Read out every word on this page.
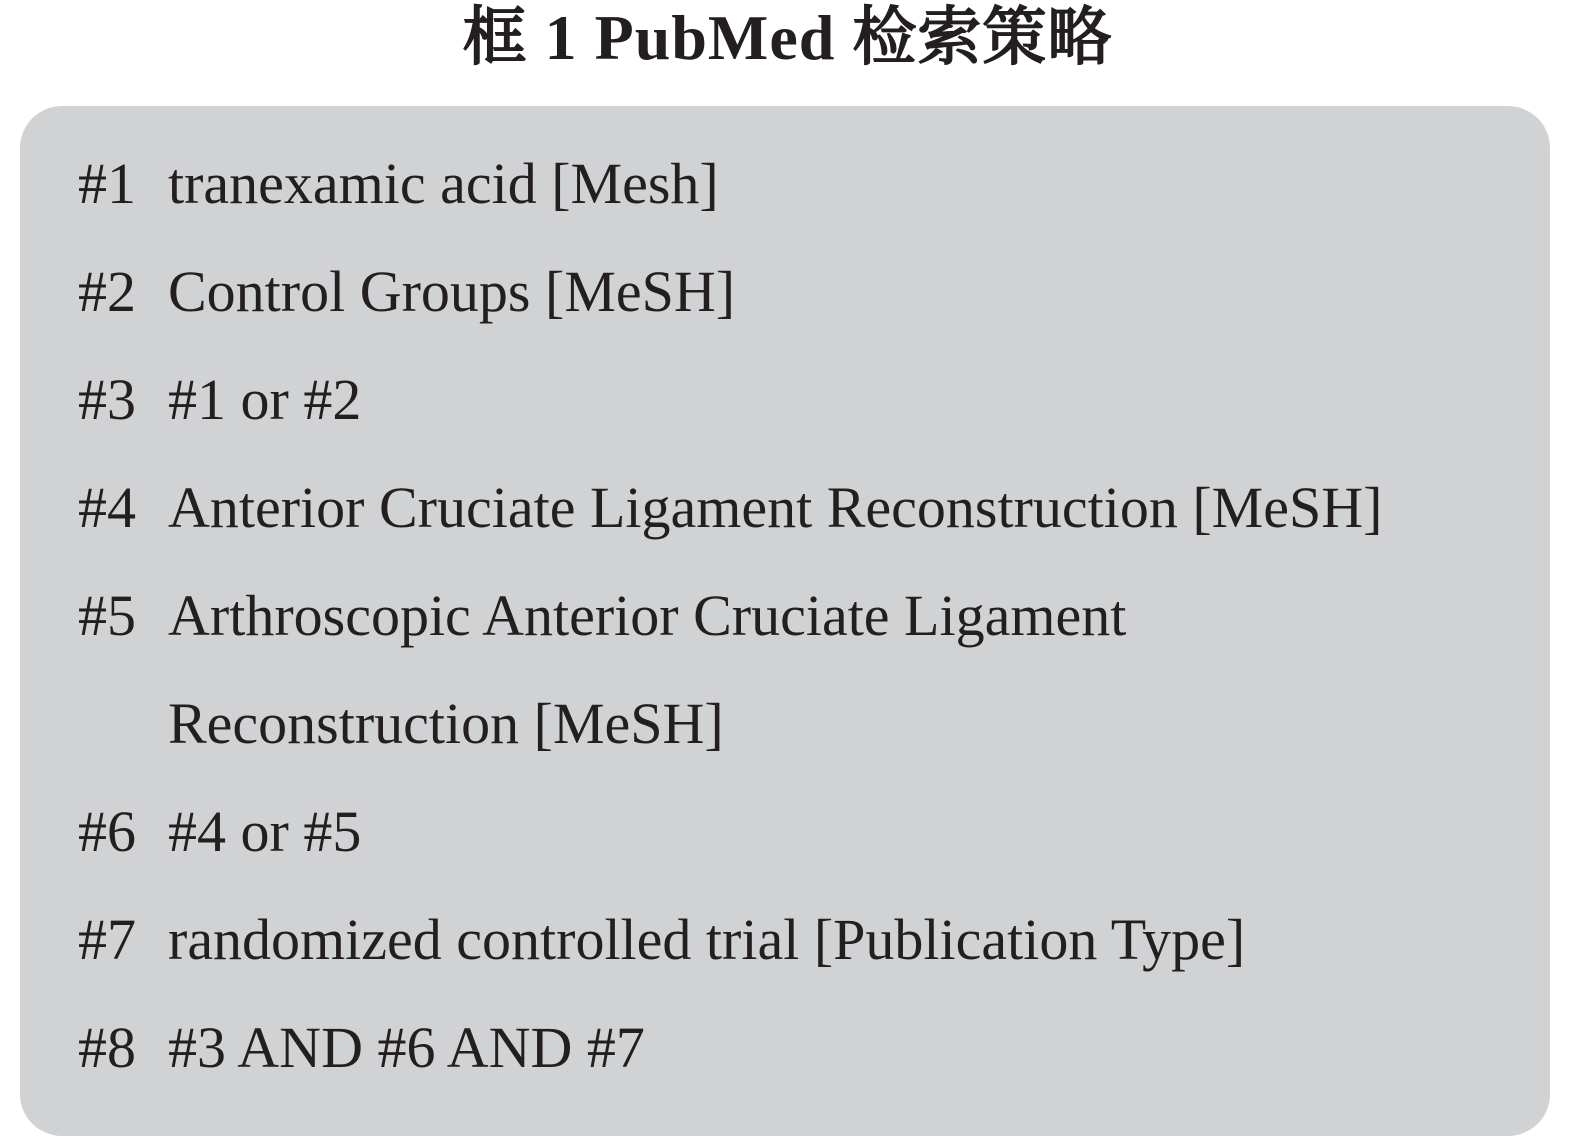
框 1 PubMed 检索策略
#1 tranexamic acid [Mesh]
#2 Control Groups [MeSH]
#3 #1 or #2
#4 Anterior Cruciate Ligament Reconstruction [MeSH]
#5 Arthroscopic Anterior Cruciate Ligament
Reconstruction [MeSH]
#6 #4 or #5
#7 randomized controlled trial [Publication Type]
#8 #3 AND #6 AND #7
